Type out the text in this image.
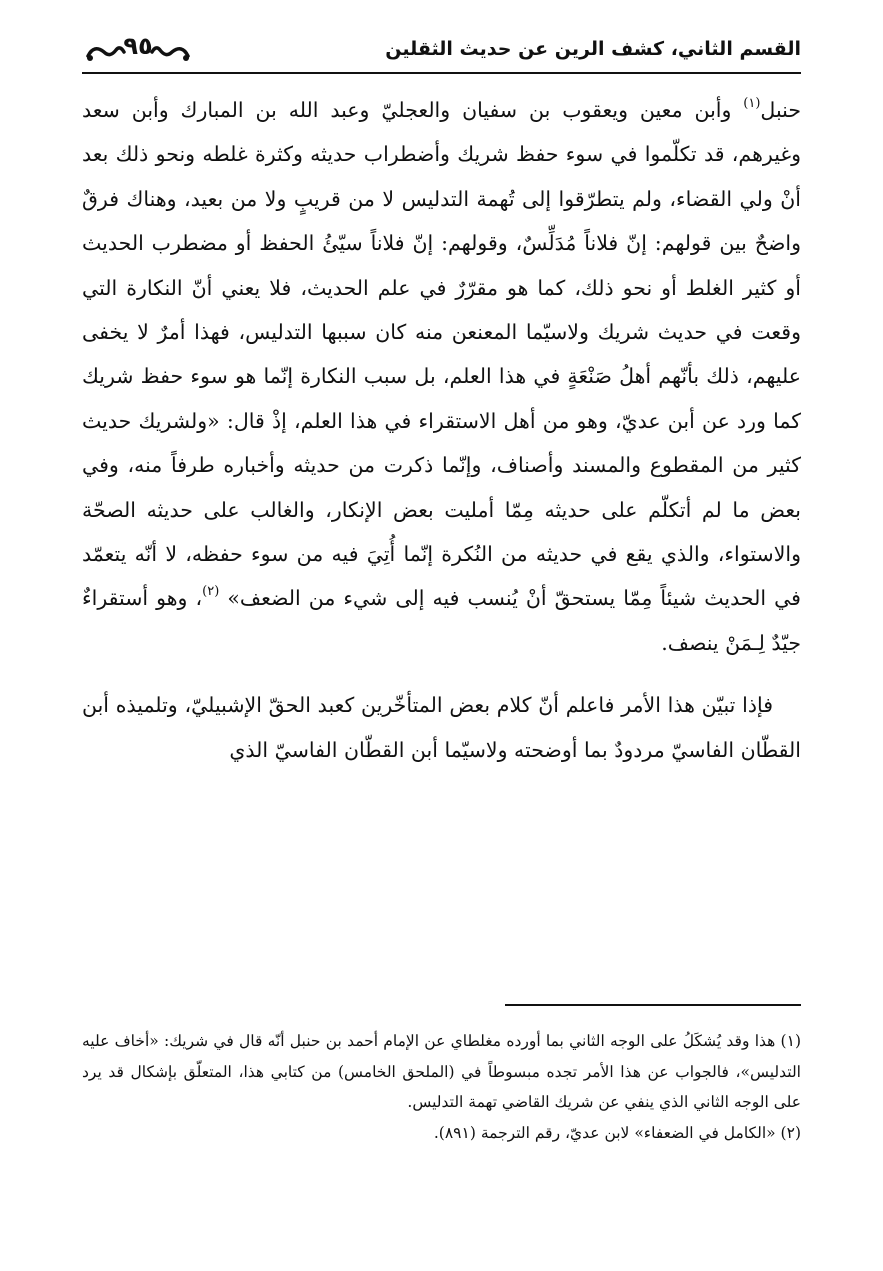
القسم الثاني، كشف الرين عن حديث الثقلين
٩٥

حنبل$^{(١)}$ وأبن معين ويعقوب بن سفيان والعجليّ وعبد الله بن المبارك وأبن سعد وغيرهم، قد تكلّموا في سوء حفظ شريك وأضطراب حديثه وكثرة غلطه ونحو ذلك بعد أنْ ولي القضاء، ولم يتطرّقوا إلى تُهمة التدليس لا من قريبٍ ولا من بعيد، وهناك فرقٌ واضحٌ بين قولهم: إنّ فلاناً مُدَلِّسٌ، وقولهم: إنّ فلاناً سيّئُ الحفظ أو مضطرب الحديث أو كثير الغلط أو نحو ذلك، كما هو مقرّرٌ في علم الحديث، فلا يعني أنّ النكارة التي وقعت في حديث شريك ولاسيّما المعنعن منه كان سببها التدليس، فهذا أمرٌ لا يخفى عليهم، ذلك بأنّهم أهلُ صَنْعَةٍ في هذا العلم، بل سبب النكارة إنّما هو سوء حفظ شريك كما ورد عن أبن عديّ، وهو من أهل الاستقراء في هذا العلم، إذْ قال: «ولشريك حديث كثير من المقطوع والمسند وأصناف، وإنّما ذكرت من حديثه وأخباره طرفاً منه، وفي بعض ما لم أتكلّم على حديثه مِمّا أمليت بعض الإنكار، والغالب على حديثه الصحّة والاستواء، والذي يقع في حديثه من النُكرة إنّما أُتِيَ فيه من سوء حفظه، لا أنّه يتعمّد في الحديث شيئاً مِمّا يستحقّ أنْ يُنسب فيه إلى شيء من الضعف» $^{(٢)}$، وهو أستقراءٌ جيّدٌ لِـمَنْ ينصف.

فإذا تبيّن هذا الأمر فاعلم أنّ كلام بعض المتأخّرين كعبد الحقّ الإشبيليّ، وتلميذه أبن القطّان الفاسيّ مردودٌ بما أوضحته ولاسيّما أبن القطّان الفاسيّ الذي

(١) هذا وقد يُشكَلُ على الوجه الثاني بما أورده مغلطاي عن الإمام أحمد بن حنبل أنّه قال في شريك: «أخاف عليه التدليس»، فالجواب عن هذا الأمر تجده مبسوطاً في (الملحق الخامس) من كتابي هذا، المتعلّق بإشكال قد يرد على الوجه الثاني الذي ينفي عن شريك القاضي تهمة التدليس.

(٢) «الكامل في الضعفاء» لابن عديّ، رقم الترجمة (٨٩١).
